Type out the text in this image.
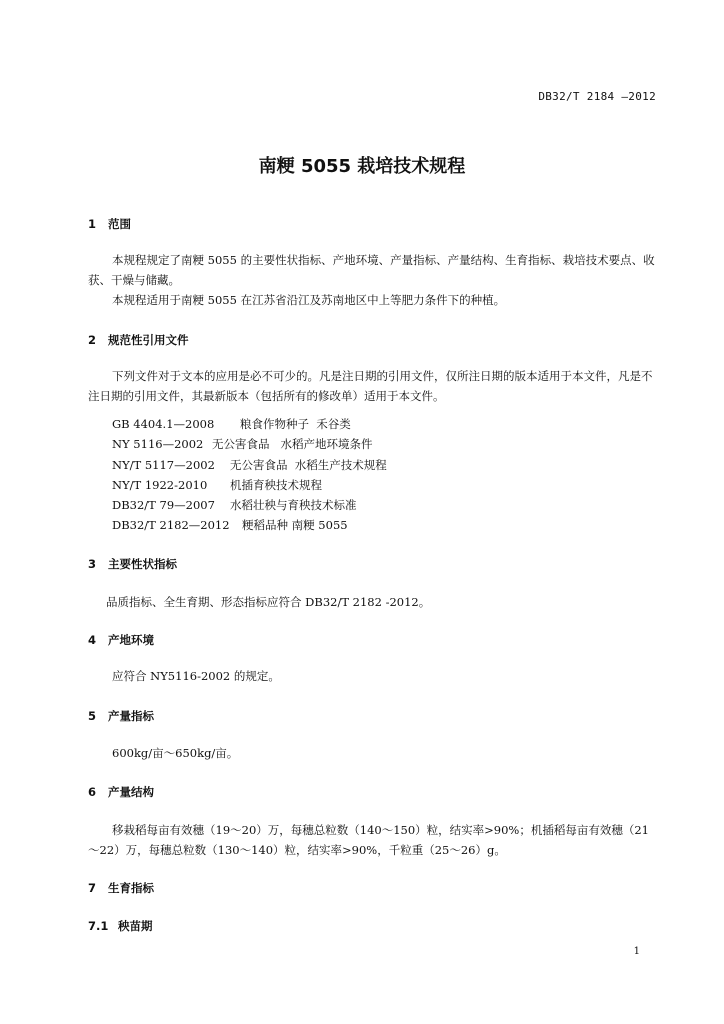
DB32/T 2184 —2012
南粳 5055 栽培技术规程
1 范围
本规程规定了南粳 5055 的主要性状指标、产地环境、产量指标、产量结构、生育指标、栽培技术要点、收获、干燥与储藏。
本规程适用于南粳 5055 在江苏省沿江及苏南地区中上等肥力条件下的种植。
2 规范性引用文件
下列文件对于文本的应用是必不可少的。凡是注日期的引用文件，仅所注日期的版本适用于本文件，凡是不注日期的引用文件，其最新版本（包括所有的修改单）适用于本文件。
GB 4404.1—2008 粮食作物种子  禾谷类
NY 5116—2002 无公害食品   水稻产地环境条件
NY/T 5117—2002 无公害食品  水稻生产技术规程
NY/T 1922-2010 机插育秧技术规程
DB32/T 79—2007 水稻壮秧与育秧技术标准
DB32/T 2182—2012 粳稻品种 南粳 5055
3 主要性状指标
品质指标、全生育期、形态指标应符合 DB32/T 2182 -2012。
4 产地环境
应符合 NY5116-2002 的规定。
5 产量指标
600kg/亩～650kg/亩。
6 产量结构
移栽稻每亩有效穗（19～20）万，每穗总粒数（140～150）粒，结实率>90%；机插稻每亩有效穗（21～22）万，每穗总粒数（130～140）粒，结实率>90%，千粒重（25～26）g。
7 生育指标
7.1 秧苗期
1
